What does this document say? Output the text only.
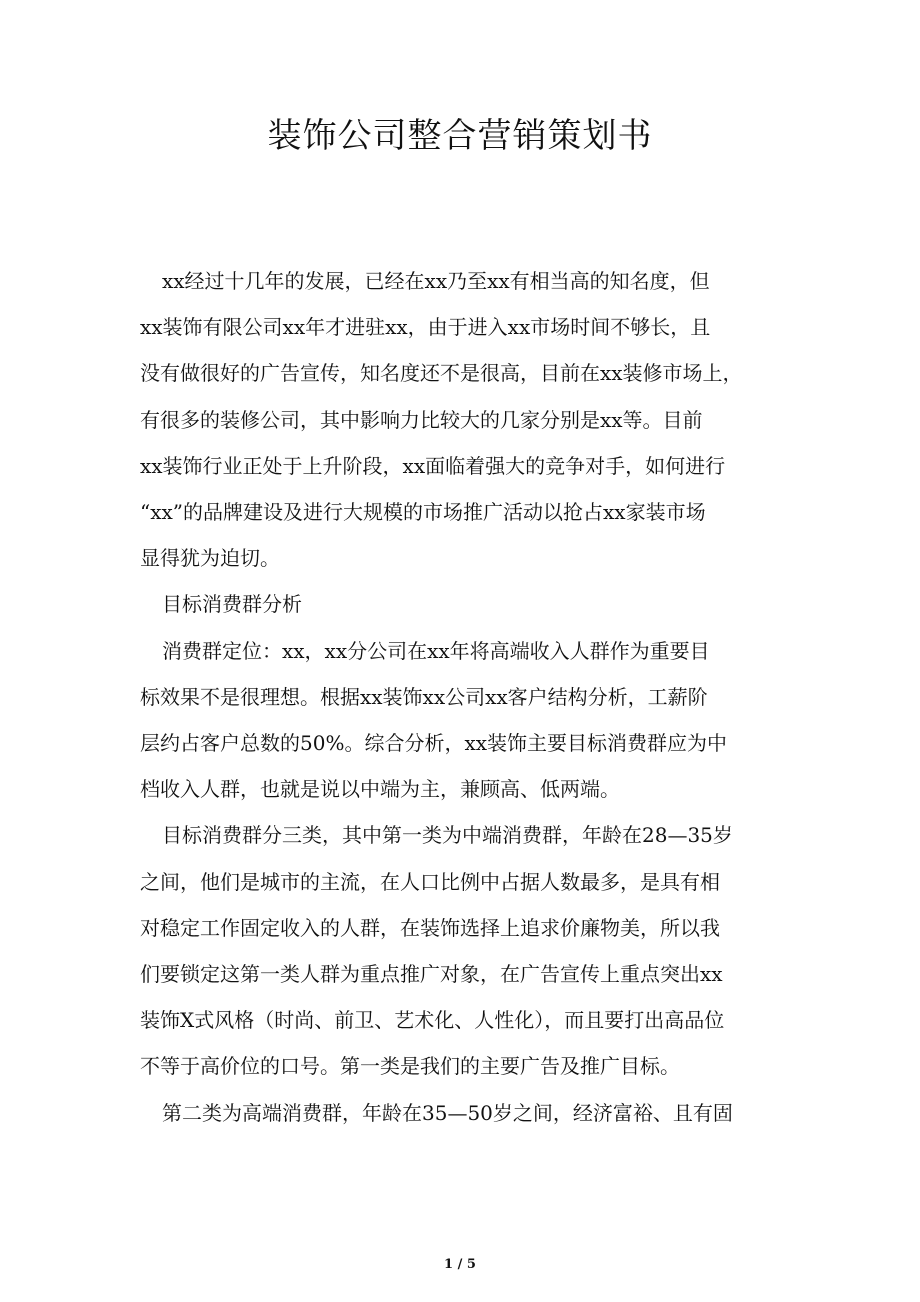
装饰公司整合营销策划书
xx经过十几年的发展，已经在xx乃至xx有相当高的知名度，但
xx装饰有限公司xx年才进驻xx，由于进入xx市场时间不够长，且
没有做很好的广告宣传，知名度还不是很高，目前在xx装修市场上，
有很多的装修公司，其中影响力比较大的几家分别是xx等。目前
xx装饰行业正处于上升阶段，xx面临着强大的竞争对手，如何进行
“xx”的品牌建设及进行大规模的市场推广活动以抢占xx家装市场
显得犹为迫切。
目标消费群分析
消费群定位：xx，xx分公司在xx年将高端收入人群作为重要目
标效果不是很理想。根据xx装饰xx公司xx客户结构分析，工薪阶
层约占客户总数的50%。综合分析，xx装饰主要目标消费群应为中
档收入人群，也就是说以中端为主，兼顾高、低两端。
目标消费群分三类，其中第一类为中端消费群，年龄在28—35岁
之间，他们是城市的主流，在人口比例中占据人数最多，是具有相
对稳定工作固定收入的人群，在装饰选择上追求价廉物美，所以我
们要锁定这第一类人群为重点推广对象，在广告宣传上重点突出xx
装饰X式风格（时尚、前卫、艺术化、人性化），而且要打出高品位
不等于高价位的口号。第一类是我们的主要广告及推广目标。
第二类为高端消费群，年龄在35—50岁之间，经济富裕、且有固
1 / 5
